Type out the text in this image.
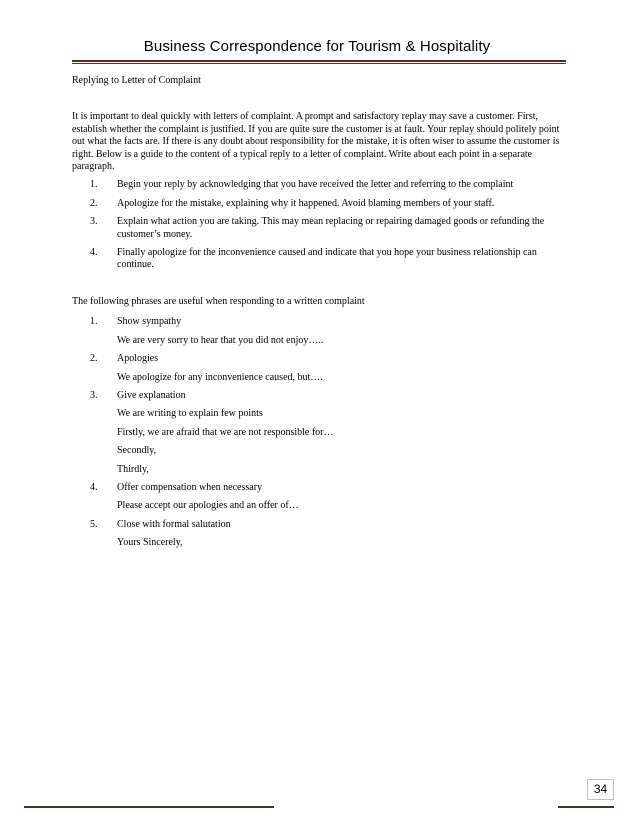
Business Correspondence for Tourism & Hospitality
Replying to Letter of Complaint

It is important to deal quickly with letters of complaint. A prompt and satisfactory replay may save a customer. First, establish whether the complaint is justified. If you are quite sure the customer is at fault. Your replay should politely point out what the facts are. If there is any doubt about responsibility for the mistake, it is often wiser to assume the customer is right. Below is a guide to the content of a typical reply to a letter of complaint. Write about each point in a separate paragraph.

1.	Begin your reply by acknowledging that you have received the letter and referring to the complaint
2.	Apologize for the mistake, explaining why it happened. Avoid blaming members of your staff.
3.	Explain what action you are taking. This may mean replacing or repairing damaged goods or refunding the customer’s money.
4.	Finally apologize for the inconvenience caused and indicate that you hope your business relationship can continue.
The following phrases are useful when responding to a written complaint
1.	Show sympathy
We are very sorry to hear that you did not enjoy…..
2.	Apologies
We apologize for any inconvenience caused, but….
3.	Give explanation
We are writing to explain few points
Firstly, we are afraid that we are not responsible for…
Secondly,
Thirdly,
4.	Offer compensation when necessary
Please accept our apologies and an offer of…
5.	Close with formal salutation
Yours Sincerely,
34
